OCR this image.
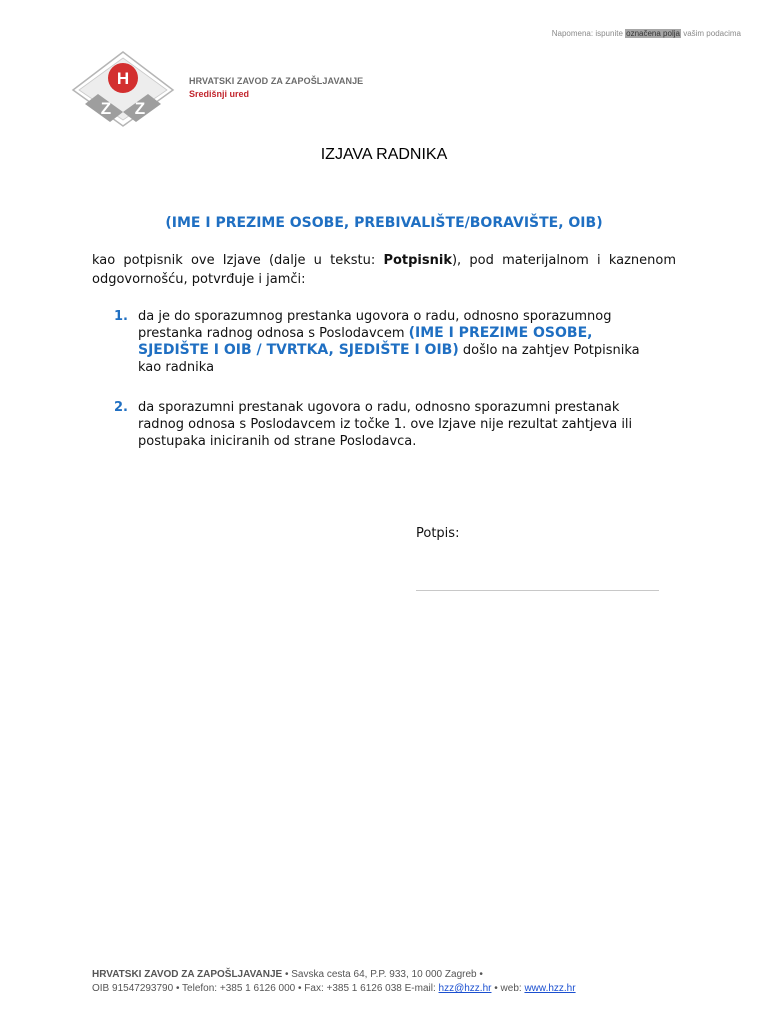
Napomena: ispunite označena polja vašim podacima
H
Z Z
HRVATSKI ZAVOD ZA ZAPOŠLJAVANJE
Središnji ured
IZJAVA RADNIKA
(IME I PREZIME OSOBE, PREBIVALIŠTE/BORAVIŠTE, OIB)
kao potpisnik ove Izjave (dalje u tekstu: Potpisnik), pod materijalnom i kaznenom odgovornošću, potvrđuje i jamči:
1. da je do sporazumnog prestanka ugovora o radu, odnosno sporazumnog prestanka radnog odnosa s Poslodavcem (IME I PREZIME OSOBE, SJEDIŠTE I OIB / TVRTKA, SJEDIŠTE I OIB) došlo na zahtjev Potpisnika kao radnika
2. da sporazumni prestanak ugovora o radu, odnosno sporazumni prestanak radnog odnosa s Poslodavcem iz točke 1. ove Izjave nije rezultat zahtjeva ili postupaka iniciranih od strane Poslodavca.
Potpis:
HRVATSKI ZAVOD ZA ZAPOŠLJAVANJE • Savska cesta 64, P.P. 933, 10 000 Zagreb •
OIB 91547293790 • Telefon: +385 1 6126 000 • Fax: +385 1 6126 038 E-mail: hzz@hzz.hr • web: www.hzz.hr
